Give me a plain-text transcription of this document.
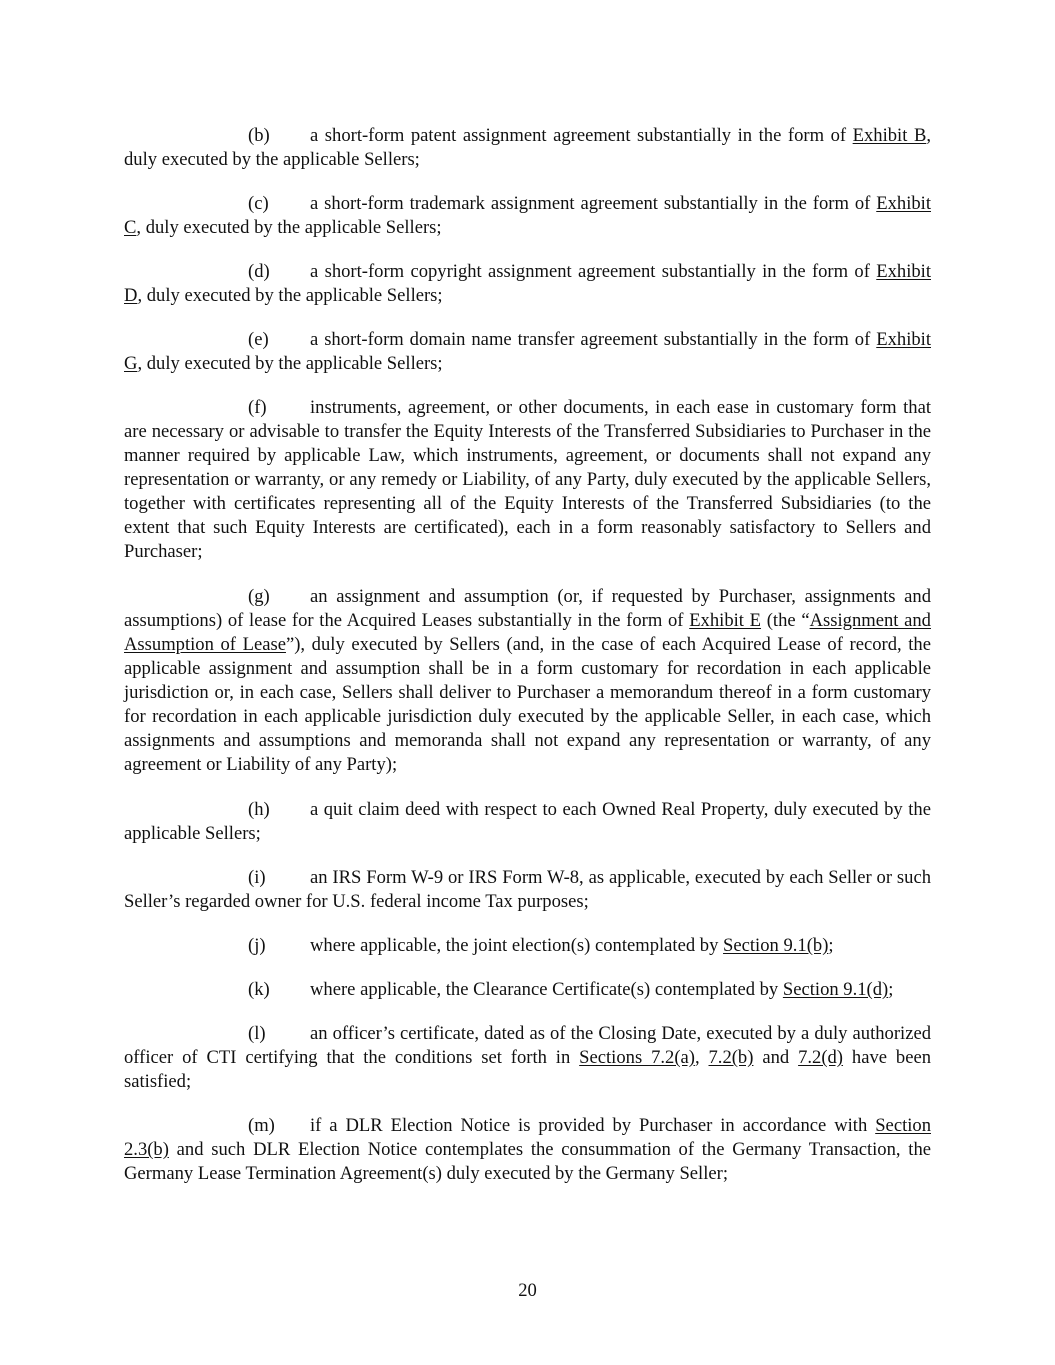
(b) a short-form patent assignment agreement substantially in the form of Exhibit B, duly executed by the applicable Sellers;

(c) a short-form trademark assignment agreement substantially in the form of Exhibit C, duly executed by the applicable Sellers;

(d) a short-form copyright assignment agreement substantially in the form of Exhibit D, duly executed by the applicable Sellers;

(e) a short-form domain name transfer agreement substantially in the form of Exhibit G, duly executed by the applicable Sellers;

(f) instruments, agreement, or other documents, in each ease in customary form that are necessary or advisable to transfer the Equity Interests of the Transferred Subsidiaries to Purchaser in the manner required by applicable Law, which instruments, agreement, or documents shall not expand any representation or warranty, or any remedy or Liability, of any Party, duly executed by the applicable Sellers, together with certificates representing all of the Equity Interests of the Transferred Subsidiaries (to the extent that such Equity Interests are certificated), each in a form reasonably satisfactory to Sellers and Purchaser;

(g) an assignment and assumption (or, if requested by Purchaser, assignments and assumptions) of lease for the Acquired Leases substantially in the form of Exhibit E (the “Assignment and Assumption of Lease”), duly executed by Sellers (and, in the case of each Acquired Lease of record, the applicable assignment and assumption shall be in a form customary for recordation in each applicable jurisdiction or, in each case, Sellers shall deliver to Purchaser a memorandum thereof in a form customary for recordation in each applicable jurisdiction duly executed by the applicable Seller, in each case, which assignments and assumptions and memoranda shall not expand any representation or warranty, of any agreement or Liability of any Party);

(h) a quit claim deed with respect to each Owned Real Property, duly executed by the applicable Sellers;

(i) an IRS Form W-9 or IRS Form W-8, as applicable, executed by each Seller or such Seller’s regarded owner for U.S. federal income Tax purposes;

(j) where applicable, the joint election(s) contemplated by Section 9.1(b);

(k) where applicable, the Clearance Certificate(s) contemplated by Section 9.1(d);

(l) an officer’s certificate, dated as of the Closing Date, executed by a duly authorized officer of CTI certifying that the conditions set forth in Sections 7.2(a), 7.2(b) and 7.2(d) have been satisfied;

(m) if a DLR Election Notice is provided by Purchaser in accordance with Section 2.3(b) and such DLR Election Notice contemplates the consummation of the Germany Transaction, the Germany Lease Termination Agreement(s) duly executed by the Germany Seller;

20
